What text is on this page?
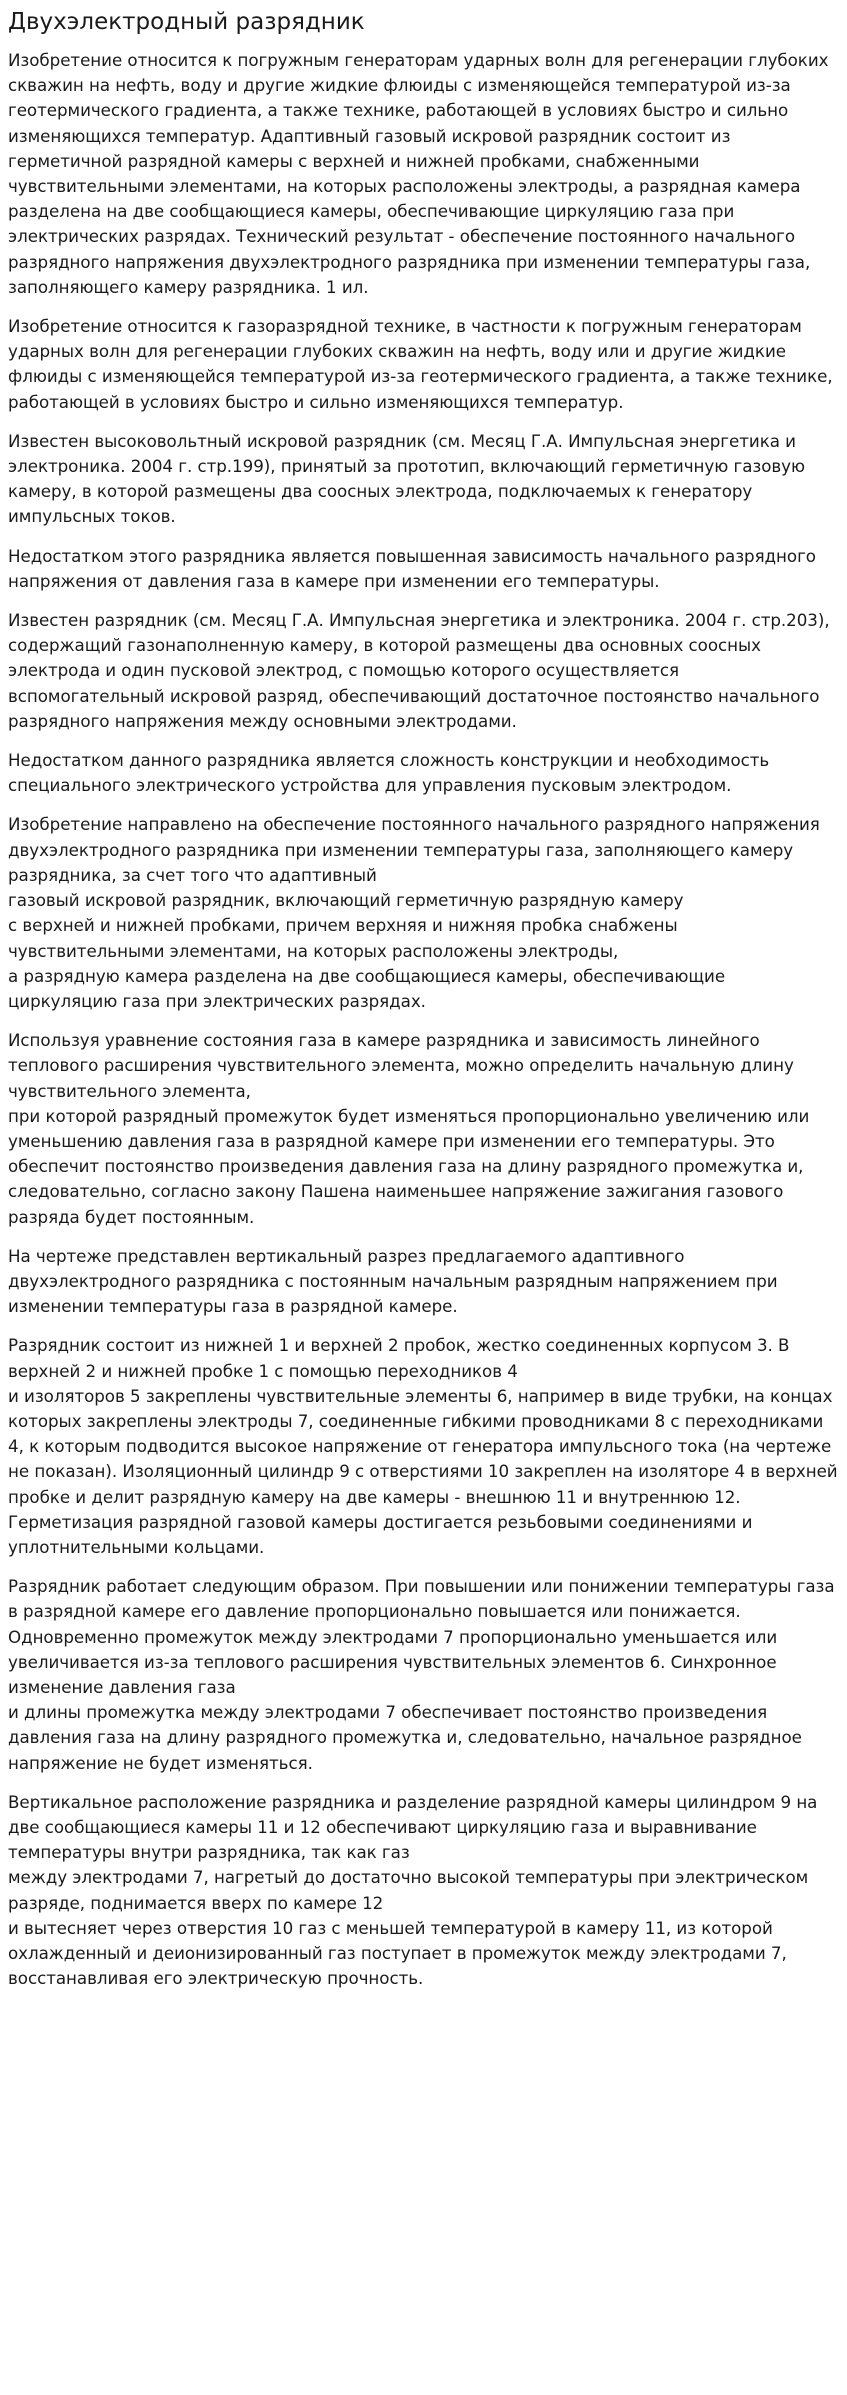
Двухэлектродный разрядник

Изобретение относится к погружным генераторам ударных волн для регенерации глубоких скважин на нефть, воду и другие жидкие флюиды с изменяющейся температурой из-за геотермического градиента, а также технике, работающей в условиях быстро и сильно изменяющихся температур. Адаптивный газовый искровой разрядник состоит из герметичной разрядной камеры с верхней и нижней пробками, снабженными чувствительными элементами, на которых расположены электроды, а разрядная камера разделена на две сообщающиеся камеры, обеспечивающие циркуляцию газа при электрических разрядах. Технический результат - обеспечение постоянного начального разрядного напряжения двухэлектродного разрядника при изменении температуры газа, заполняющего камеру разрядника. 1 ил.

Изобретение относится к газоразрядной технике, в частности к погружным генераторам ударных волн для регенерации глубоких скважин на нефть, воду или и другие жидкие флюиды с изменяющейся температурой из-за геотермического градиента, а также технике, работающей в условиях быстро и сильно изменяющихся температур.

Известен высоковольтный искровой разрядник (см. Месяц Г.А. Импульсная энергетика и электроника. 2004 г. стр.199), принятый за прототип, включающий герметичную газовую камеру, в которой размещены два соосных электрода, подключаемых к генератору импульсных токов.

Недостатком этого разрядника является повышенная зависимость начального разрядного напряжения от давления газа в камере при изменении его температуры.

Известен разрядник (см. Месяц Г.А. Импульсная энергетика и электроника. 2004 г. стр.203), содержащий газонаполненную камеру, в которой размещены два основных соосных электрода и один пусковой электрод, с помощью которого осуществляется вспомогательный искровой разряд, обеспечивающий достаточное постоянство начального разрядного напряжения между основными электродами.

Недостатком данного разрядника является сложность конструкции и необходимость специального электрического устройства для управления пусковым электродом.

Изобретение направлено на обеспечение постоянного начального разрядного напряжения двухэлектродного разрядника при изменении температуры газа, заполняющего камеру разрядника, за счет того что адаптивный
газовый искровой разрядник, включающий герметичную разрядную камеру
с верхней и нижней пробками, причем верхняя и нижняя пробка снабжены чувствительными элементами, на которых расположены электроды,
а разрядную камера разделена на две сообщающиеся камеры, обеспечивающие циркуляцию газа при электрических разрядах.

Используя уравнение состояния газа в камере разрядника и зависимость линейного теплового расширения чувствительного элемента, можно определить начальную длину чувствительного элемента,
при которой разрядный промежуток будет изменяться пропорционально увеличению или уменьшению давления газа в разрядной камере при изменении его температуры. Это обеспечит постоянство произведения давления газа на длину разрядного промежутка и, следовательно, согласно закону Пашена наименьшее напряжение зажигания газового разряда будет постоянным.

На чертеже представлен вертикальный разрез предлагаемого адаптивного двухэлектродного разрядника с постоянным начальным разрядным напряжением при изменении температуры газа в разрядной камере.

Разрядник состоит из нижней 1 и верхней 2 пробок, жестко соединенных корпусом 3. В верхней 2 и нижней пробке 1 с помощью переходников 4
и изоляторов 5 закреплены чувствительные элементы 6, например в виде трубки, на концах которых закреплены электроды 7, соединенные гибкими проводниками 8 с переходниками 4, к которым подводится высокое напряжение от генератора импульсного тока (на чертеже не показан). Изоляционный цилиндр 9 с отверстиями 10 закреплен на изоляторе 4 в верхней пробке и делит разрядную камеру на две камеры - внешнюю 11 и внутреннюю 12. Герметизация разрядной газовой камеры достигается резьбовыми соединениями и уплотнительными кольцами.

Разрядник работает следующим образом. При повышении или понижении температуры газа в разрядной камере его давление пропорционально повышается или понижается. Одновременно промежуток между электродами 7 пропорционально уменьшается или увеличивается из-за теплового расширения чувствительных элементов 6. Синхронное изменение давления газа
и длины промежутка между электродами 7 обеспечивает постоянство произведения давления газа на длину разрядного промежутка и, следовательно, начальное разрядное напряжение не будет изменяться.

Вертикальное расположение разрядника и разделение разрядной камеры цилиндром 9 на две сообщающиеся камеры 11 и 12 обеспечивают циркуляцию газа и выравнивание температуры внутри разрядника, так как газ
между электродами 7, нагретый до достаточно высокой температуры при электрическом разряде, поднимается вверх по камере 12
и вытесняет через отверстия 10 газ с меньшей температурой в камеру 11, из которой охлажденный и деионизированный газ поступает в промежуток между электродами 7, восстанавливая его электрическую прочность.
